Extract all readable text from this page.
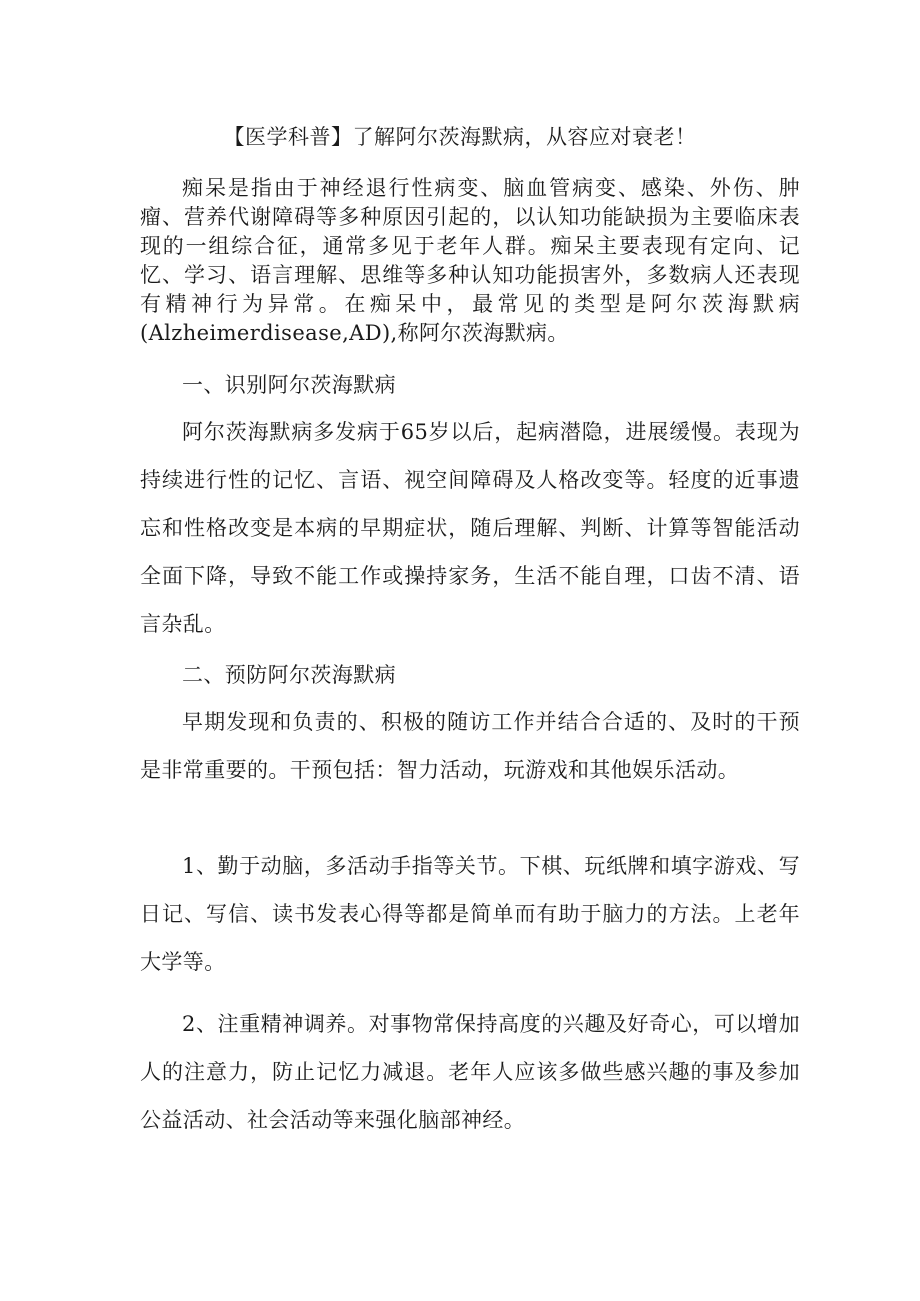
【医学科普】了解阿尔茨海默病，从容应对衰老！

痴呆是指由于神经退行性病变、脑血管病变、感染、外伤、肿瘤、营养代谢障碍等多种原因引起的，以认知功能缺损为主要临床表现的一组综合征，通常多见于老年人群。痴呆主要表现有定向、记忆、学习、语言理解、思维等多种认知功能损害外，多数病人还表现有精神行为异常。在痴呆中，最常见的类型是阿尔茨海默病(Alzheimerdisease,AD),称阿尔茨海默病。

一、识别阿尔茨海默病

阿尔茨海默病多发病于65岁以后，起病潜隐，进展缓慢。表现为持续进行性的记忆、言语、视空间障碍及人格改变等。轻度的近事遗忘和性格改变是本病的早期症状，随后理解、判断、计算等智能活动全面下降，导致不能工作或操持家务，生活不能自理，口齿不清、语言杂乱。

二、预防阿尔茨海默病

早期发现和负责的、积极的随访工作并结合合适的、及时的干预是非常重要的。干预包括：智力活动，玩游戏和其他娱乐活动。

1、勤于动脑，多活动手指等关节。下棋、玩纸牌和填字游戏、写日记、写信、读书发表心得等都是简单而有助于脑力的方法。上老年大学等。

2、注重精神调养。对事物常保持高度的兴趣及好奇心，可以增加人的注意力，防止记忆力减退。老年人应该多做些感兴趣的事及参加公益活动、社会活动等来强化脑部神经。
